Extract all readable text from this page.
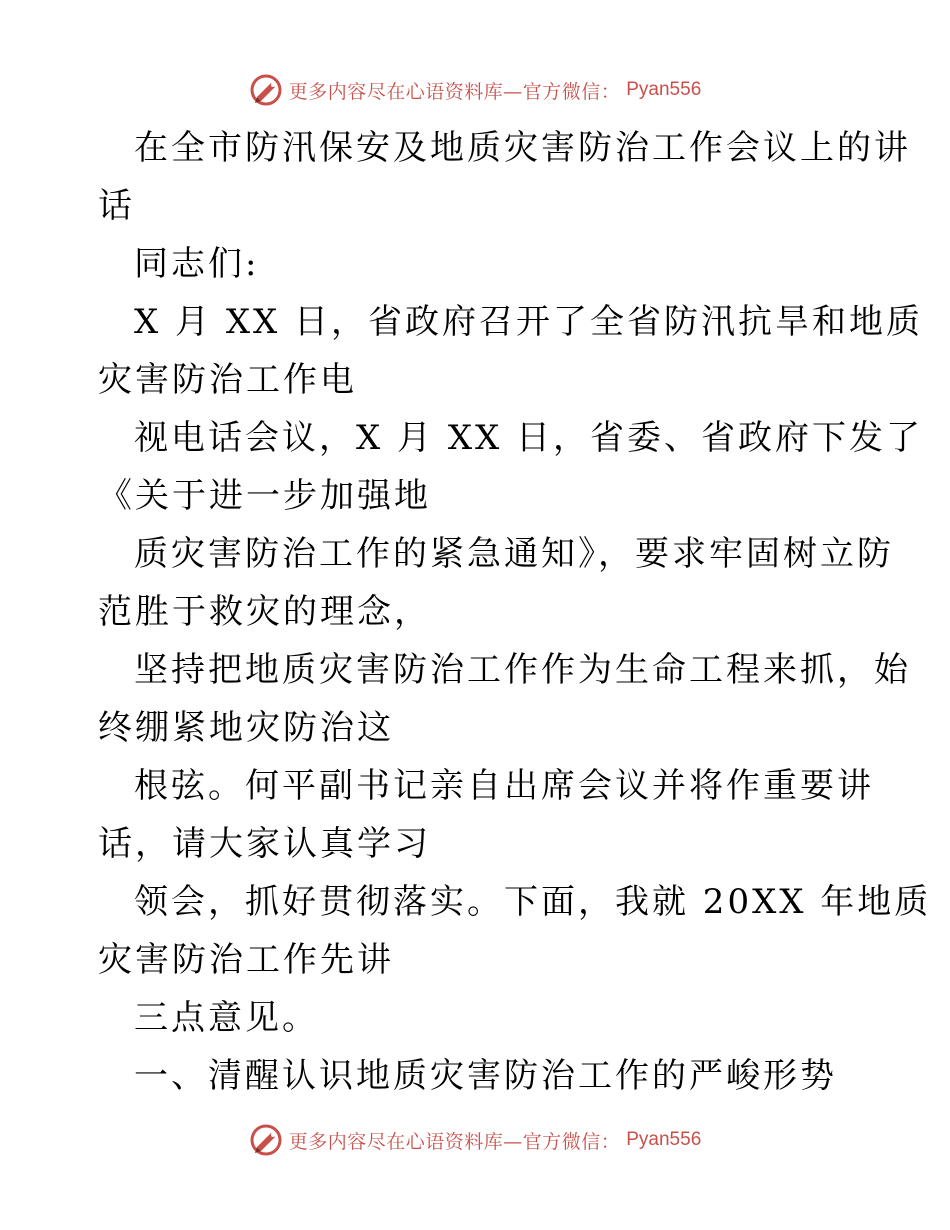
更多内容尽在心语资料库—官方微信： Pyan556
在全市防汛保安及地质灾害防治工作会议上的讲
话
同志们:
X 月 XX 日，省政府召开了全省防汛抗旱和地质
灾害防治工作电
视电话会议，X 月 XX 日，省委、省政府下发了
《关于进一步加强地
质灾害防治工作的紧急通知》，要求牢固树立防
范胜于救灾的理念，
坚持把地质灾害防治工作作为生命工程来抓，始
终绷紧地灾防治这
根弦。何平副书记亲自出席会议并将作重要讲
话，请大家认真学习
领会，抓好贯彻落实。下面，我就 20XX 年地质
灾害防治工作先讲
三点意见。
一、清醒认识地质灾害防治工作的严峻形势
更多内容尽在心语资料库—官方微信： Pyan556
